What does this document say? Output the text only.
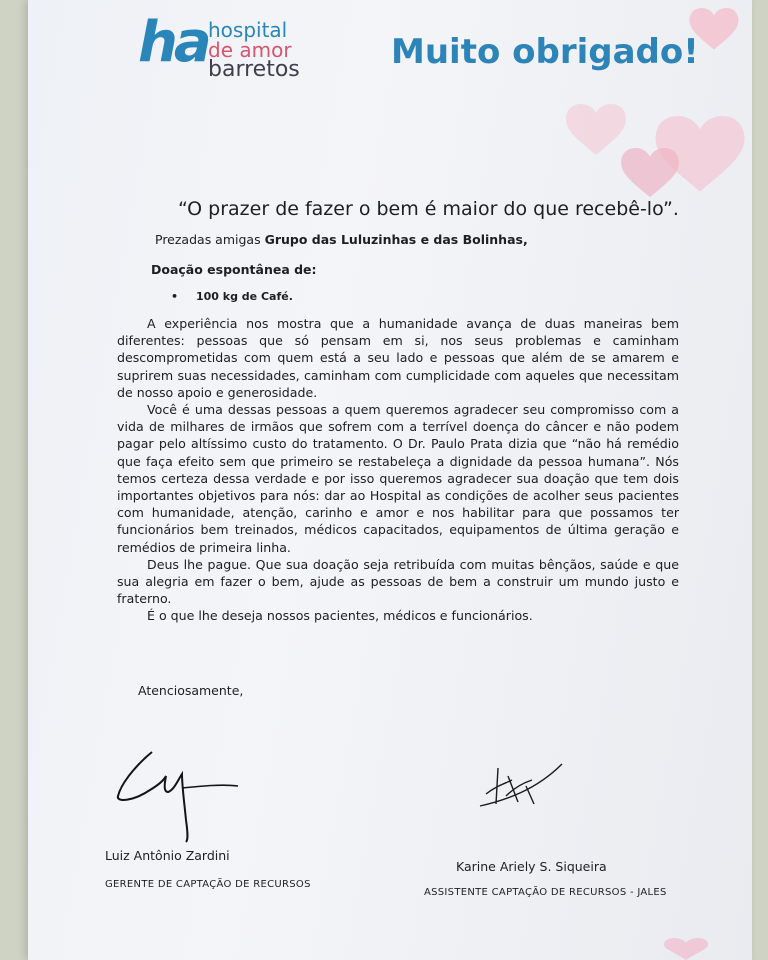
ha hospital
de amor
barretos	Muito obrigado!
“O prazer de fazer o bem é maior do que recebê-lo”.
Prezadas amigas Grupo das Luluzinhas e das Bolinhas,
Doação espontânea de:
• 100 kg de Café.

A experiência nos mostra que a humanidade avança de duas maneiras bem diferentes: pessoas que só pensam em si, nos seus problemas e caminham descomprometidas com quem está a seu lado e pessoas que além de se amarem e suprirem suas necessidades, caminham com cumplicidade com aqueles que necessitam de nosso apoio e generosidade.

Você é uma dessas pessoas a quem queremos agradecer seu compromisso com a vida de milhares de irmãos que sofrem com a terrível doença do câncer e não podem pagar pelo altíssimo custo do tratamento. O Dr. Paulo Prata dizia que “não há remédio que faça efeito sem que primeiro se restabeleça a dignidade da pessoa humana”. Nós temos certeza dessa verdade e por isso queremos agradecer sua doação que tem dois importantes objetivos para nós: dar ao Hospital as condições de acolher seus pacientes com humanidade, atenção, carinho e amor e nos habilitar para que possamos ter funcionários bem treinados, médicos capacitados, equipamentos de última geração e remédios de primeira linha.

Deus lhe pague. Que sua doação seja retribuída com muitas bênçãos, saúde e que sua alegria em fazer o bem, ajude as pessoas de bem a construir um mundo justo e fraterno.

É o que lhe deseja nossos pacientes, médicos e funcionários.

Atenciosamente,
Luiz Antônio Zardini
GERENTE DE CAPTAÇÃO DE RECURSOS
Karine Ariely S. Siqueira
ASSISTENTE CAPTAÇÃO DE RECURSOS - JALES
